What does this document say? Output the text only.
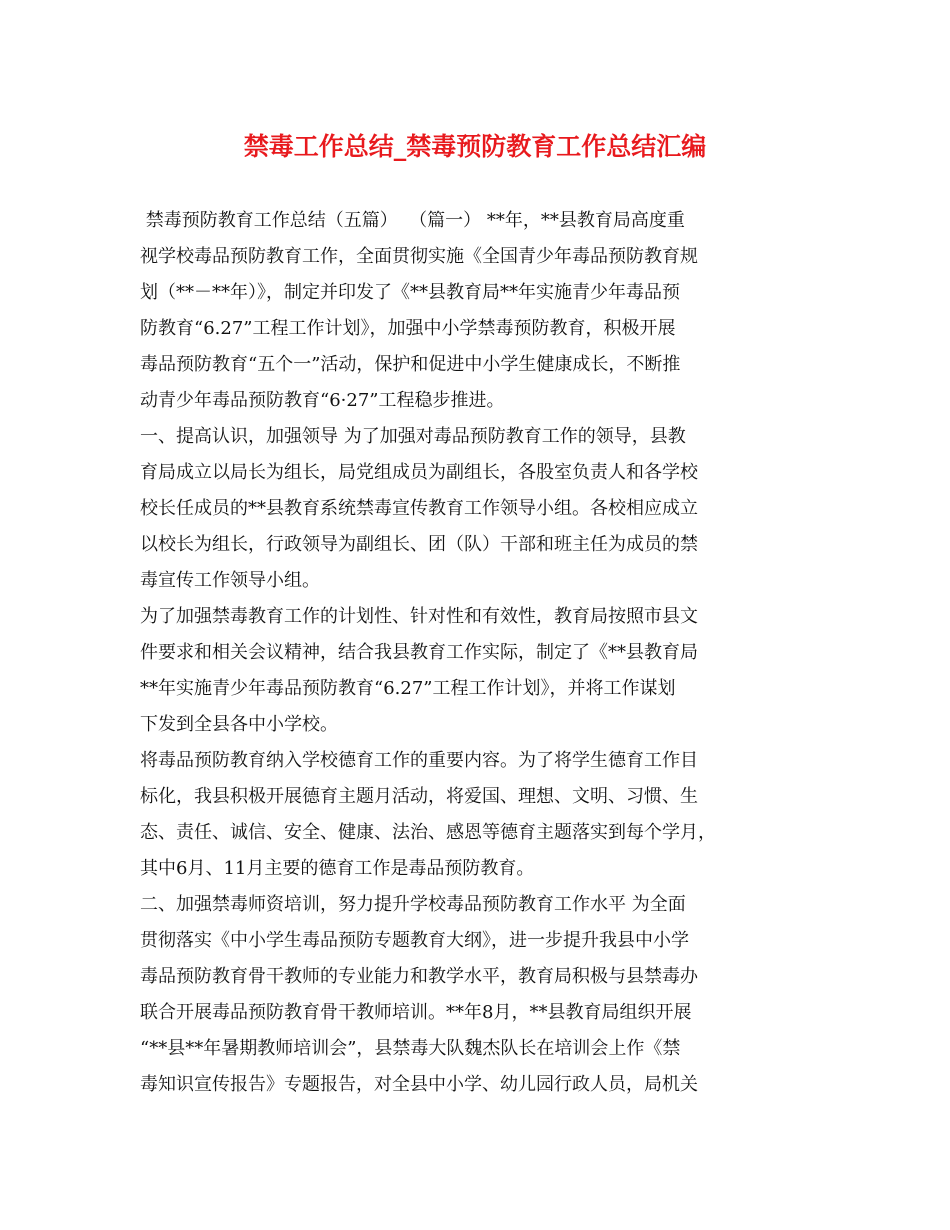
禁毒工作总结_禁毒预防教育工作总结汇编
禁毒预防教育工作总结（五篇）  （篇一） **年，**县教育局高度重
视学校毒品预防教育工作，全面贯彻实施《全国青少年毒品预防教育规
划（**－**年）》，制定并印发了《**县教育局**年实施青少年毒品预
防教育“6.27”工程工作计划》，加强中小学禁毒预防教育，积极开展
毒品预防教育“五个一”活动，保护和促进中小学生健康成长，不断推
动青少年毒品预防教育“6·27”工程稳步推进。
一、提高认识，加强领导 为了加强对毒品预防教育工作的领导，县教
育局成立以局长为组长，局党组成员为副组长，各股室负责人和各学校
校长任成员的**县教育系统禁毒宣传教育工作领导小组。各校相应成立
以校长为组长，行政领导为副组长、团（队）干部和班主任为成员的禁
毒宣传工作领导小组。
为了加强禁毒教育工作的计划性、针对性和有效性，教育局按照市县文
件要求和相关会议精神，结合我县教育工作实际，制定了《**县教育局
**年实施青少年毒品预防教育“6.27”工程工作计划》，并将工作谋划
下发到全县各中小学校。
将毒品预防教育纳入学校德育工作的重要内容。为了将学生德育工作目
标化，我县积极开展德育主题月活动，将爱国、理想、文明、习惯、生
态、责任、诚信、安全、健康、法治、感恩等德育主题落实到每个学月，
其中6月、11月主要的德育工作是毒品预防教育。
二、加强禁毒师资培训，努力提升学校毒品预防教育工作水平 为全面
贯彻落实《中小学生毒品预防专题教育大纲》，进一步提升我县中小学
毒品预防教育骨干教师的专业能力和教学水平，教育局积极与县禁毒办
联合开展毒品预防教育骨干教师培训。**年8月，**县教育局组织开展
“**县**年暑期教师培训会”，县禁毒大队魏杰队长在培训会上作《禁
毒知识宣传报告》专题报告，对全县中小学、幼儿园行政人员，局机关
